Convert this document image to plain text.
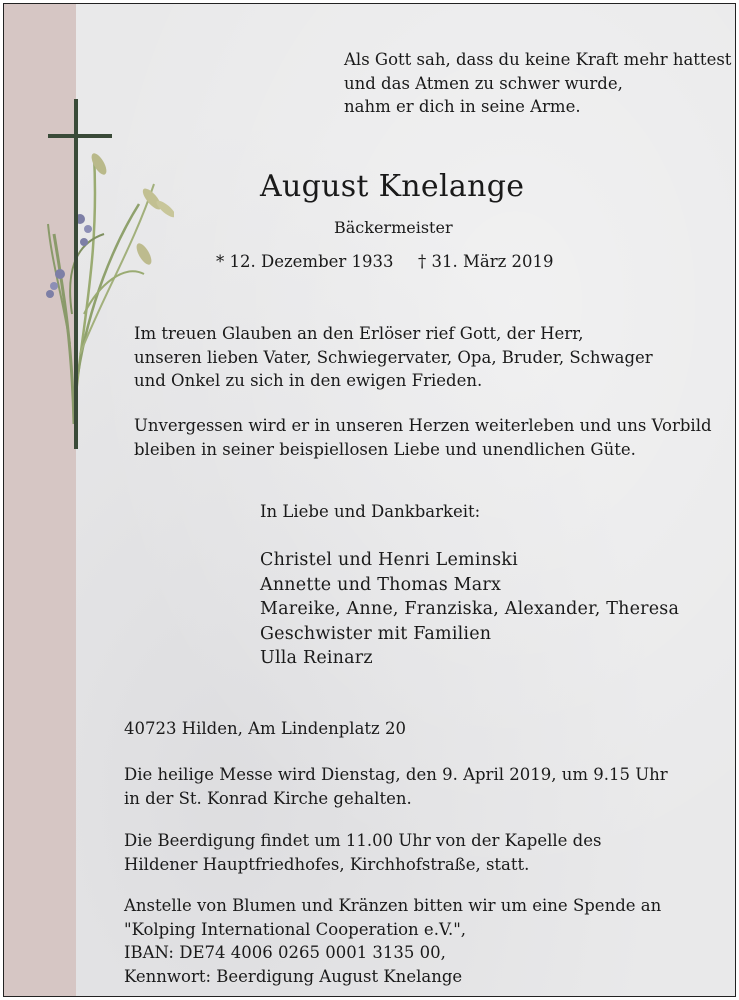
Als Gott sah, dass du keine Kraft mehr hattest
und das Atmen zu schwer wurde,
nahm er dich in seine Arme.
August Knelange
Bäckermeister
* 12. Dezember 1933 † 31. März 2019
Im treuen Glauben an den Erlöser rief Gott, der Herr,
unseren lieben Vater, Schwiegervater, Opa, Bruder, Schwager
und Onkel zu sich in den ewigen Frieden.
Unvergessen wird er in unseren Herzen weiterleben und uns Vorbild
bleiben in seiner beispiellosen Liebe und unendlichen Güte.
In Liebe und Dankbarkeit:
Christel und Henri Leminski
Annette und Thomas Marx
Mareike, Anne, Franziska, Alexander, Theresa
Geschwister mit Familien
Ulla Reinarz
40723 Hilden, Am Lindenplatz 20
Die heilige Messe wird Dienstag, den 9. April 2019, um 9.15 Uhr
in der St. Konrad Kirche gehalten.
Die Beerdigung findet um 11.00 Uhr von der Kapelle des
Hildener Hauptfriedhofes, Kirchhofstraße, statt.
Anstelle von Blumen und Kränzen bitten wir um eine Spende an
"Kolping International Cooperation e.V.",
IBAN: DE74 4006 0265 0001 3135 00,
Kennwort: Beerdigung August Knelange
